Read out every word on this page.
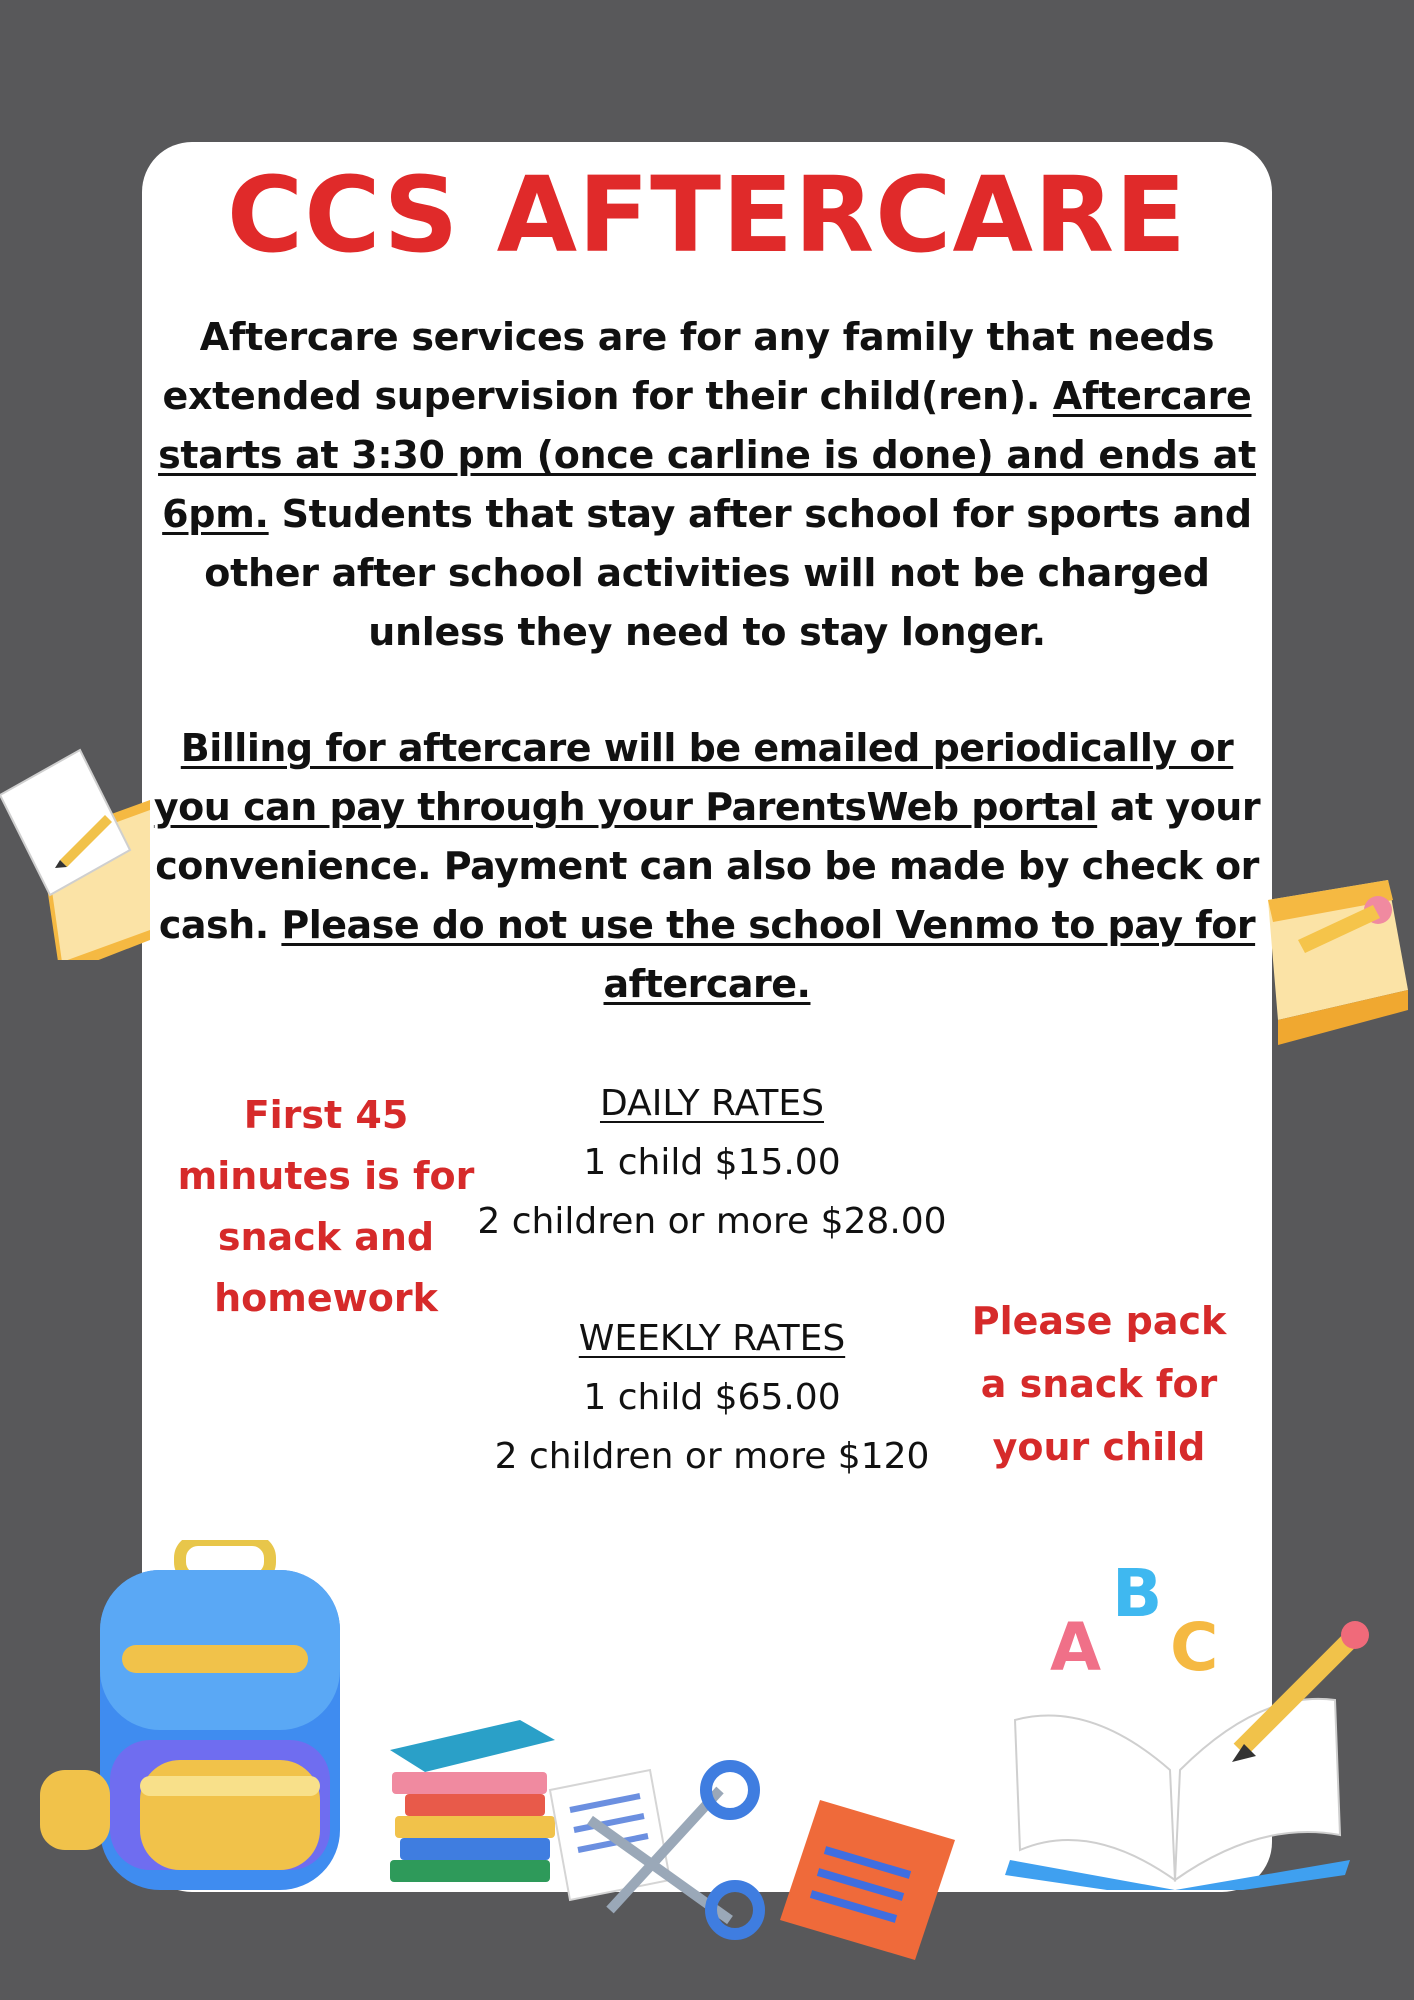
CCS AFTERCARE

Aftercare services are for any family that needs extended supervision for their child(ren). Aftercare starts at 3:30 pm (once carline is done) and ends at 6pm. Students that stay after school for sports and other after school activities will not be charged unless they need to stay longer.

Billing for aftercare will be emailed periodically or you can pay through your ParentsWeb portal at your convenience. Payment can also be made by check or cash. Please do not use the school Venmo to pay for aftercare.

First 45 minutes is for snack and homework
DAILY RATES
1 child $15.00
2 children or more $28.00
WEEKLY RATES
1 child $65.00
2 children or more $120
Please pack a snack for your child
A
B
C
